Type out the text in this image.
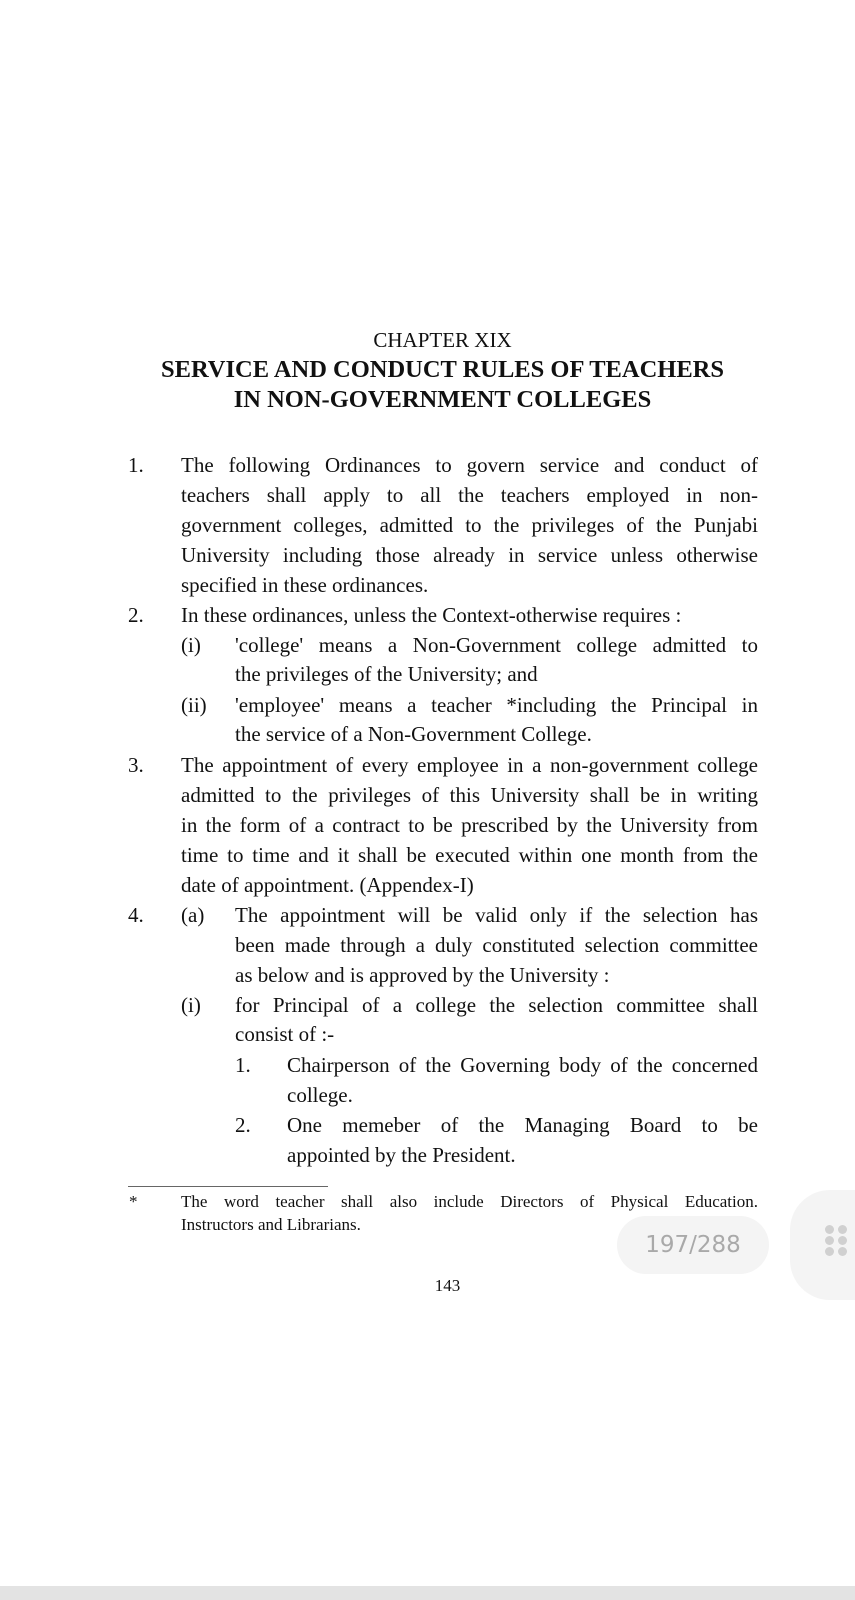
CHAPTER XIX
SERVICE AND CONDUCT RULES OF TEACHERS
IN NON-GOVERNMENT COLLEGES
1. The following Ordinances to govern service and conduct of
teachers shall apply to all the teachers employed in non-
government colleges, admitted to the privileges of the Punjabi
University including those already in service unless otherwise
specified in these ordinances.
2. In these ordinances, unless the Context-otherwise requires :
(i) 'college' means a Non-Government college admitted to
the privileges of the University; and
(ii) 'employee' means a teacher *including the Principal in
the service of a Non-Government College.
3. The appointment of every employee in a non-government college
admitted to the privileges of this University shall be in writing
in the form of a contract to be prescribed by the University from
time to time and it shall be executed within one month from the
date of appointment. (Appendex-I)
4. (a) The appointment will be valid only if the selection has
been made through a duly constituted selection committee
as below and is approved by the University :
(i) for Principal of a college the selection committee shall
consist of :-
1. Chairperson of the Governing body of the concerned
college.
2. One memeber of the Managing Board to be
appointed by the President.
*	The word teacher shall also include Directors of Physical Education.
Instructors and Librarians.
143
197/288
